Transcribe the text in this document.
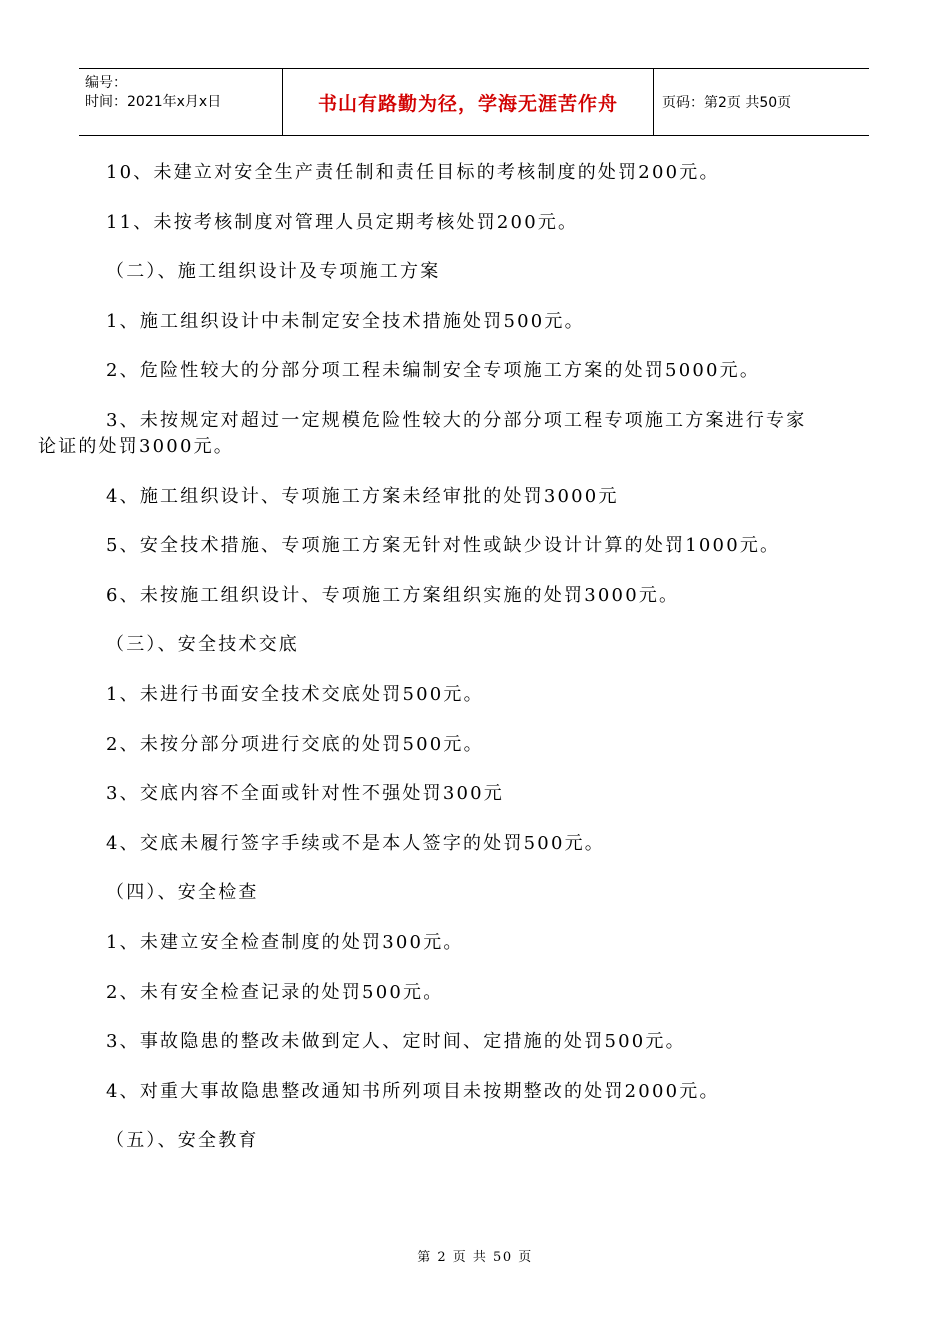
编号：
时间：2021年x月x日	书山有路勤为径，学海无涯苦作舟	页码：第2页 共50页

10、未建立对安全生产责任制和责任目标的考核制度的处罚200元。

11、未按考核制度对管理人员定期考核处罚200元。

（二）、施工组织设计及专项施工方案

1、施工组织设计中未制定安全技术措施处罚500元。

2、危险性较大的分部分项工程未编制安全专项施工方案的处罚5000元。

3、未按规定对超过一定规模危险性较大的分部分项工程专项施工方案进行专家
论证的处罚3000元。

4、施工组织设计、专项施工方案未经审批的处罚3000元

5、安全技术措施、专项施工方案无针对性或缺少设计计算的处罚1000元。

6、未按施工组织设计、专项施工方案组织实施的处罚3000元。

（三）、安全技术交底

1、未进行书面安全技术交底处罚500元。

2、未按分部分项进行交底的处罚500元。

3、交底内容不全面或针对性不强处罚300元

4、交底未履行签字手续或不是本人签字的处罚500元。

（四）、安全检查

1、未建立安全检查制度的处罚300元。

2、未有安全检查记录的处罚500元。

3、事故隐患的整改未做到定人、定时间、定措施的处罚500元。

4、对重大事故隐患整改通知书所列项目未按期整改的处罚2000元。

（五）、安全教育

第 2 页 共 50 页
